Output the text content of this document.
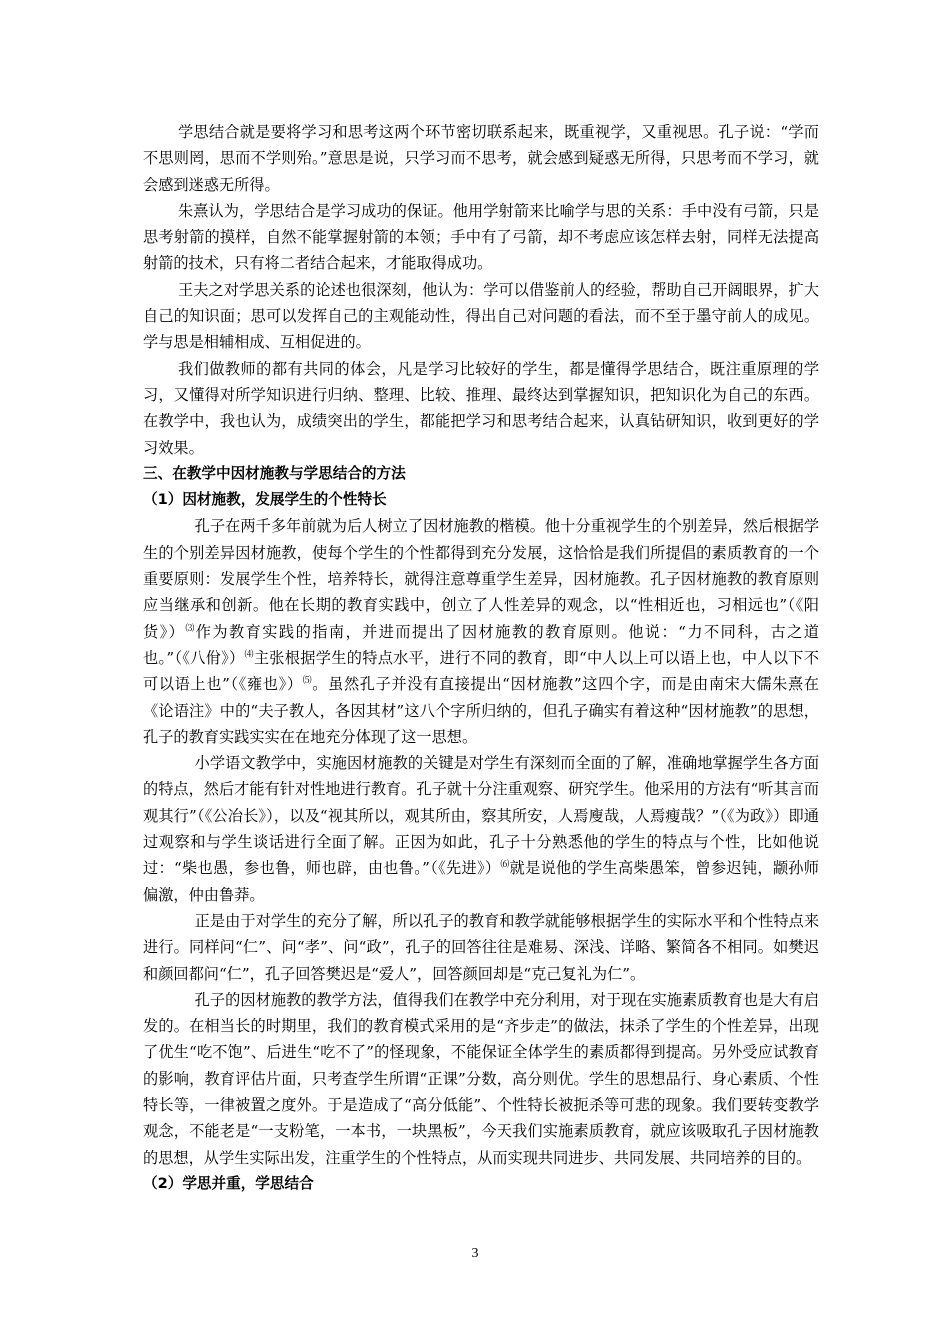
学思结合就是要将学习和思考这两个环节密切联系起来，既重视学，又重视思。孔子说：“学而不思则罔，思而不学则殆。”意思是说，只学习而不思考，就会感到疑惑无所得，只思考而不学习，就会感到迷惑无所得。

朱熹认为，学思结合是学习成功的保证。他用学射箭来比喻学与思的关系：手中没有弓箭，只是思考射箭的摸样，自然不能掌握射箭的本领；手中有了弓箭，却不考虑应该怎样去射，同样无法提高射箭的技术，只有将二者结合起来，才能取得成功。

王夫之对学思关系的论述也很深刻，他认为：学可以借鉴前人的经验，帮助自己开阔眼界，扩大自己的知识面；思可以发挥自己的主观能动性，得出自己对问题的看法，而不至于墨守前人的成见。学与思是相辅相成、互相促进的。

我们做教师的都有共同的体会，凡是学习比较好的学生，都是懂得学思结合，既注重原理的学习，又懂得对所学知识进行归纳、整理、比较、推理、最终达到掌握知识，把知识化为自己的东西。在教学中，我也认为，成绩突出的学生，都能把学习和思考结合起来，认真钻研知识，收到更好的学习效果。

三、在教学中因材施教与学思结合的方法

（1）因材施教，发展学生的个性特长

孔子在两千多年前就为后人树立了因材施教的楷模。他十分重视学生的个别差异，然后根据学生的个别差异因材施教，使每个学生的个性都得到充分发展，这恰恰是我们所提倡的素质教育的一个重要原则：发展学生个性，培养特长，就得注意尊重学生差异，因材施教。孔子因材施教的教育原则应当继承和创新。他在长期的教育实践中，创立了人性差异的观念，以“性相近也，习相远也”（《阳货》）⑶作为教育实践的指南，并进而提出了因材施教的教育原则。他说：“力不同科，古之道也。”（《八佾》）⑷主张根据学生的特点水平，进行不同的教育，即“中人以上可以语上也，中人以下不可以语上也”（《雍也》）⑸。虽然孔子并没有直接提出“因材施教”这四个字，而是由南宋大儒朱熹在《论语注》中的“夫子教人，各因其材”这八个字所归纳的，但孔子确实有着这种“因材施教”的思想，孔子的教育实践实实在在地充分体现了这一思想。

小学语文教学中，实施因材施教的关键是对学生有深刻而全面的了解，准确地掌握学生各方面的特点，然后才能有针对性地进行教育。孔子就十分注重观察、研究学生。他采用的方法有“听其言而观其行”（《公冶长》），以及“视其所以，观其所由，察其所安，人焉廋哉，人焉瘦哉？”（《为政》）即通过观察和与学生谈话进行全面了解。正因为如此，孔子十分熟悉他的学生的特点与个性，比如他说过：“柴也愚，参也鲁，师也辟，由也鲁。”（《先进》）⑹就是说他的学生高柴愚笨，曾参迟钝，颛孙师偏激，仲由鲁莽。

正是由于对学生的充分了解，所以孔子的教育和教学就能够根据学生的实际水平和个性特点来进行。同样问“仁”、问“孝”、问“政”，孔子的回答往往是难易、深浅、详略、繁简各不相同。如樊迟和颜回都问“仁”，孔子回答樊迟是“爱人”，回答颜回却是“克己复礼为仁”。

孔子的因材施教的教学方法，值得我们在教学中充分利用，对于现在实施素质教育也是大有启发的。在相当长的时期里，我们的教育模式采用的是“齐步走”的做法，抹杀了学生的个性差异，出现了优生“吃不饱”、后进生“吃不了”的怪现象，不能保证全体学生的素质都得到提高。另外受应试教育的影响，教育评估片面，只考查学生所谓“正课”分数，高分则优。学生的思想品行、身心素质、个性特长等，一律被置之度外。于是造成了“高分低能”、个性特长被扼杀等可悲的现象。我们要转变教学观念，不能老是“一支粉笔，一本书，一块黑板”，今天我们实施素质教育，就应该吸取孔子因材施教的思想，从学生实际出发，注重学生的个性特点，从而实现共同进步、共同发展、共同培养的目的。

（2）学思并重，学思结合

3
